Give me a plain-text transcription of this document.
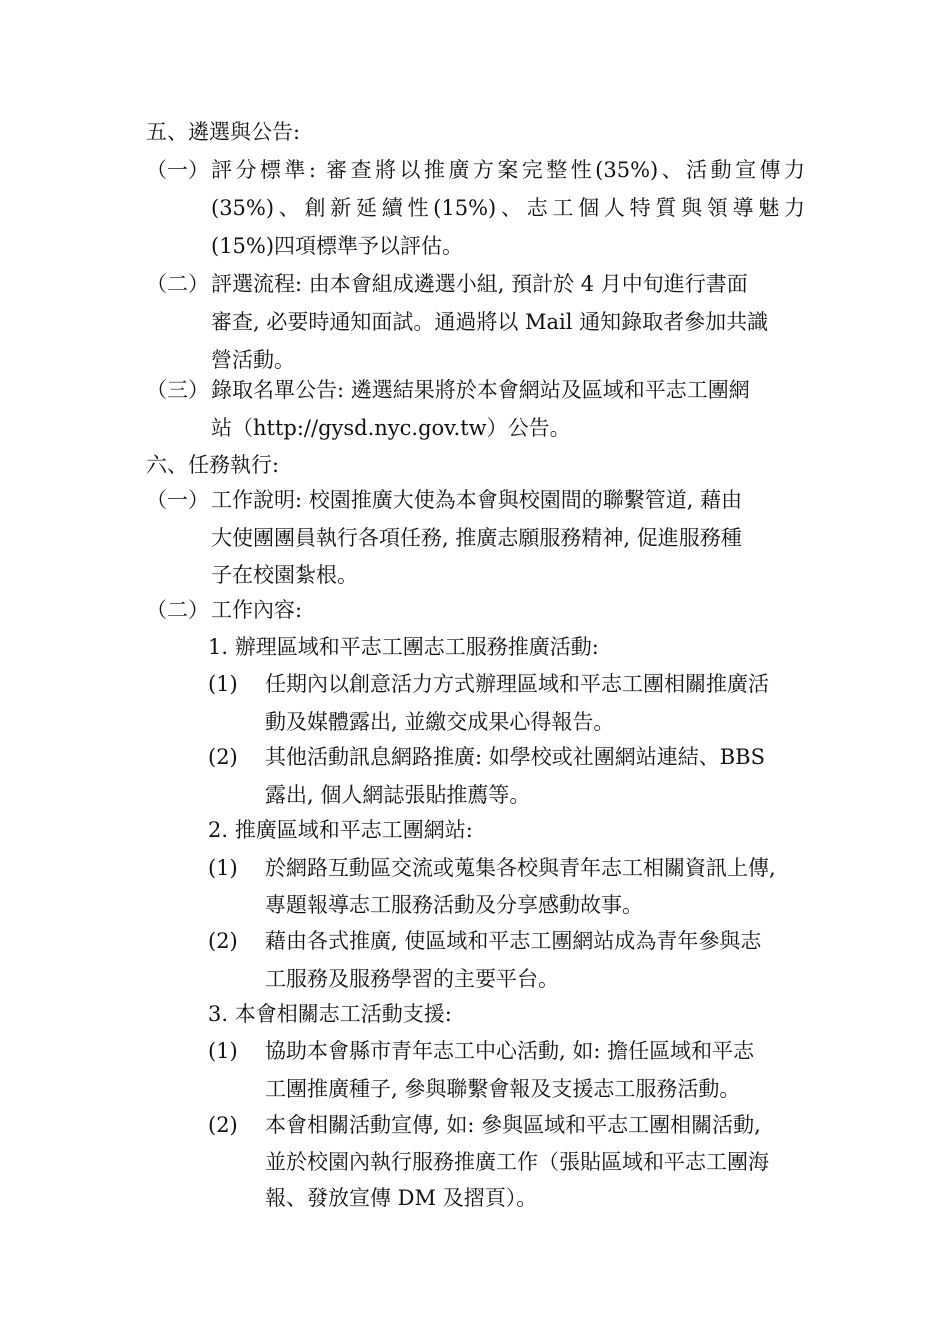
五、遴選與公告:
（一） 評分標準: 審查將以推廣方案完整性(35%)、活動宣傳力
(35%)、創新延續性(15%)、志工個人特質與領導魅力
(15%)四項標準予以評估。
（二） 評選流程: 由本會組成遴選小組, 預計於 4 月中旬進行書面
審查, 必要時通知面試。通過將以 Mail 通知錄取者參加共識
營活動。
（三） 錄取名單公告: 遴選結果將於本會網站及區域和平志工團網
站（http://gysd.nyc.gov.tw）公告。
六、任務執行:
（一） 工作說明: 校園推廣大使為本會與校園間的聯繫管道, 藉由
大使團團員執行各項任務, 推廣志願服務精神, 促進服務種
子在校園紮根。
（二） 工作內容:
1. 辦理區域和平志工團志工服務推廣活動:
(1) 任期內以創意活力方式辦理區域和平志工團相關推廣活
動及媒體露出, 並繳交成果心得報告。
(2) 其他活動訊息網路推廣: 如學校或社團網站連結、BBS
露出, 個人網誌張貼推薦等。
2. 推廣區域和平志工團網站:
(1) 於網路互動區交流或蒐集各校與青年志工相關資訊上傳,
專題報導志工服務活動及分享感動故事。
(2) 藉由各式推廣, 使區域和平志工團網站成為青年參與志
工服務及服務學習的主要平台。
3. 本會相關志工活動支援:
(1) 協助本會縣市青年志工中心活動, 如: 擔任區域和平志
工團推廣種子, 參與聯繫會報及支援志工服務活動。
(2) 本會相關活動宣傳, 如: 參與區域和平志工團相關活動,
並於校園內執行服務推廣工作（張貼區域和平志工團海
報、發放宣傳 DM 及摺頁）。
